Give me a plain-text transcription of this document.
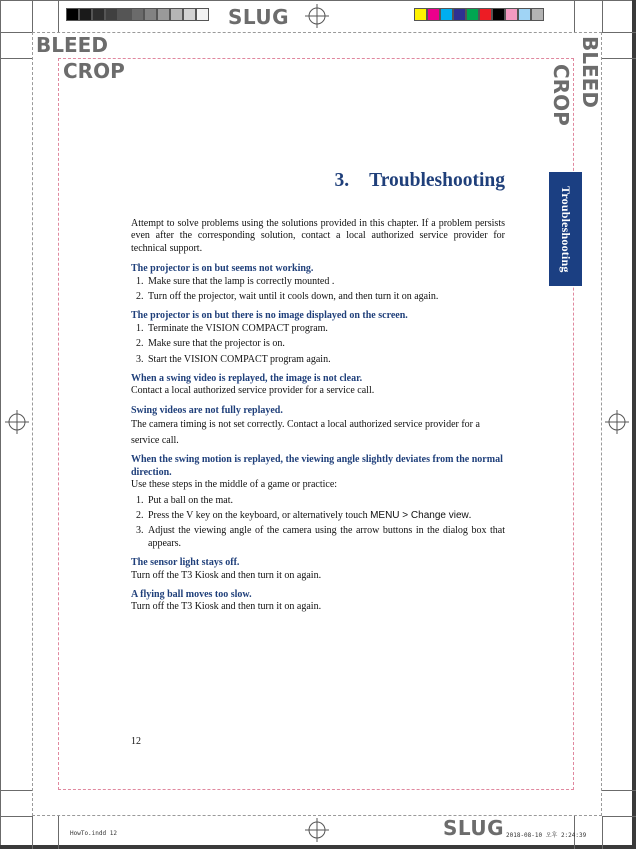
SLUG
SLUG
BLEED
CROP	BLEED
CROP
3. Troubleshooting
Troubleshooting

Attempt to solve problems using the solutions provided in this chapter. If a problem persists even after the corresponding solution, contact a local authorized service provider for technical support.

The projector is on but seems not working.

1. Make sure that the lamp is correctly mounted .
2. Turn off the projector, wait until it cools down, and then turn it on again.

The projector is on but there is no image displayed on the screen.

1. Terminate the VISION COMPACT program.
2. Make sure that the projector is on.
3. Start the VISION COMPACT program again.

When a swing video is replayed, the image is not clear.

Contact a local authorized service provider for a service call.

Swing videos are not fully replayed.

The camera timing is not set correctly. Contact a local authorized service provider for a service call.

When the swing motion is replayed, the viewing angle slightly deviates from the normal direction.

Use these steps in the middle of a game or practice:

1. Put a ball on the mat.
2. Press the V key on the keyboard, or alternatively touch MENU > Change view.
3. Adjust the viewing angle of the camera using the arrow buttons in the dialog box that appears.

The sensor light stays off.

Turn off the T3 Kiosk and then turn it on again.

A flying ball moves too slow.

Turn off the T3 Kiosk and then turn it on again.

12
HowTo.indd 12	2018-08-10 오후 2:24:39
